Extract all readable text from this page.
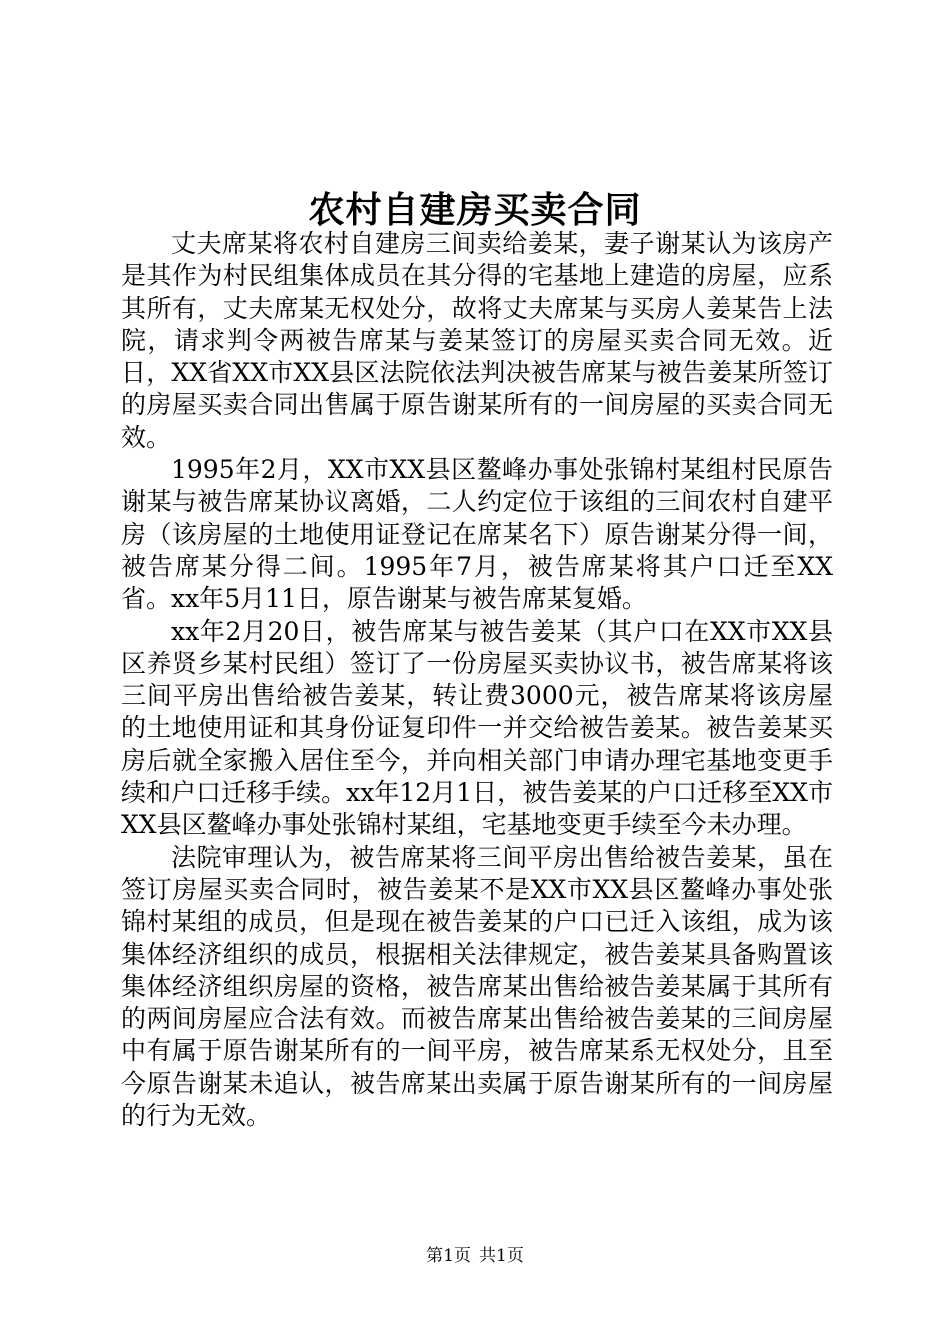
农村自建房买卖合同

丈夫席某将农村自建房三间卖给姜某，妻子谢某认为该房产是其作为村民组集体成员在其分得的宅基地上建造的房屋，应系其所有，丈夫席某无权处分，故将丈夫席某与买房人姜某告上法院，请求判令两被告席某与姜某签订的房屋买卖合同无效。近日，XX省XX市XX县区法院依法判决被告席某与被告姜某所签订的房屋买卖合同出售属于原告谢某所有的一间房屋的买卖合同无效。

1995年2月，XX市XX县区鳌峰办事处张锦村某组村民原告谢某与被告席某协议离婚，二人约定位于该组的三间农村自建平房（该房屋的土地使用证登记在席某名下）原告谢某分得一间，被告席某分得二间。1995年7月，被告席某将其户口迁至XX省。xx年5月11日，原告谢某与被告席某复婚。

xx年2月20日，被告席某与被告姜某（其户口在XX市XX县区养贤乡某村民组）签订了一份房屋买卖协议书，被告席某将该三间平房出售给被告姜某，转让费3000元，被告席某将该房屋的土地使用证和其身份证复印件一并交给被告姜某。被告姜某买房后就全家搬入居住至今，并向相关部门申请办理宅基地变更手续和户口迁移手续。xx年12月1日，被告姜某的户口迁移至XX市XX县区鳌峰办事处张锦村某组，宅基地变更手续至今未办理。

法院审理认为，被告席某将三间平房出售给被告姜某，虽在签订房屋买卖合同时，被告姜某不是XX市XX县区鳌峰办事处张锦村某组的成员，但是现在被告姜某的户口已迁入该组，成为该集体经济组织的成员，根据相关法律规定，被告姜某具备购置该集体经济组织房屋的资格，被告席某出售给被告姜某属于其所有的两间房屋应合法有效。而被告席某出售给被告姜某的三间房屋中有属于原告谢某所有的一间平房，被告席某系无权处分，且至今原告谢某未追认，被告席某出卖属于原告谢某所有的一间房屋的行为无效。

第1页 共1页
